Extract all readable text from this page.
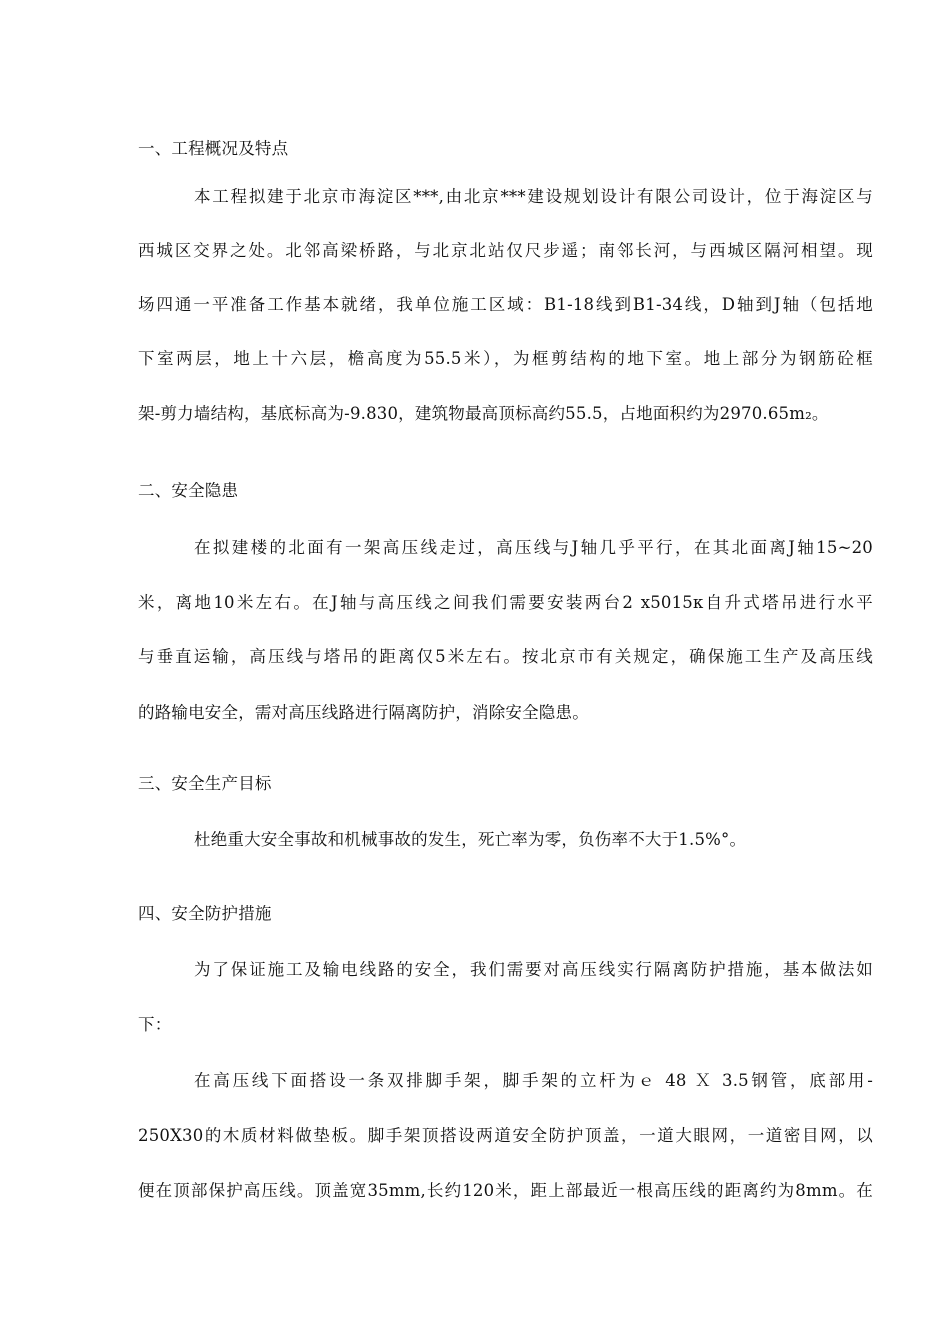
一、工程概况及特点
本工程拟建于北京市海淀区***,由北京***建设规划设计有限公司设计，位于海淀区与
西城区交界之处。北邻高梁桥路，与北京北站仅尺步遥；南邻长河，与西城区隔河相望。现
场四通一平准备工作基本就绪，我单位施工区域：B1-18线到B1-34线，D轴到J轴（包括地
下室两层，地上十六层，檐高度为55.5米），为框剪结构的地下室。地上部分为钢筋砼框
架-剪力墙结构，基底标高为-9.830，建筑物最高顶标高约55.5，占地面积约为2970.65m₂。
二、安全隐患
在拟建楼的北面有一架高压线走过，高压线与J轴几乎平行，在其北面离J轴15~20
米，离地10米左右。在J轴与高压线之间我们需要安装两台2 x5015κ自升式塔吊进行水平
与垂直运输，高压线与塔吊的距离仅5米左右。按北京市有关规定，确保施工生产及高压线
的路输电安全，需对高压线路进行隔离防护，消除安全隐患。
三、安全生产目标
杜绝重大安全事故和机械事故的发生，死亡率为零，负伤率不大于1.5%°。
四、安全防护措施
为了保证施工及输电线路的安全，我们需要对高压线实行隔离防护措施，基本做法如
下：
在高压线下面搭设一条双排脚手架，脚手架的立杆为ｅ 48 Ｘ 3.5钢管，底部用-
250X30的木质材料做垫板。脚手架顶搭设两道安全防护顶盖，一道大眼网，一道密目网，以
便在顶部保护高压线。顶盖宽35mm,长约120米，距上部最近一根高压线的距离约为8mm。在
